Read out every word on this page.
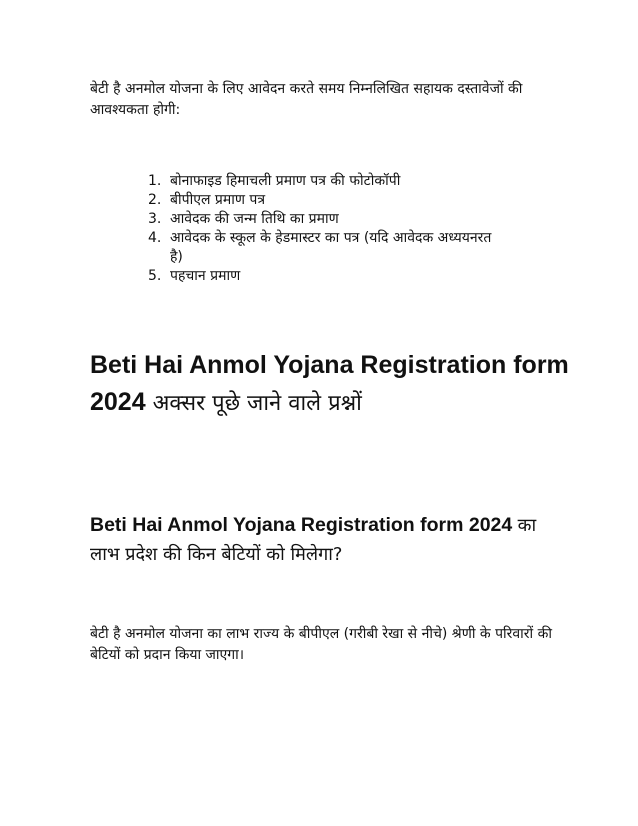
बेटी है अनमोल योजना के लिए आवेदन करते समय निम्नलिखित सहायक दस्तावेजों की आवश्यकता होगी:

1. बोनाफाइड हिमाचली प्रमाण पत्र की फोटोकॉपी
2. बीपीएल प्रमाण पत्र
3. आवेदक की जन्म तिथि का प्रमाण
4. आवेदक के स्कूल के हेडमास्टर का पत्र (यदि आवेदक अध्ययनरत है)
5. पहचान प्रमाण
Beti Hai Anmol Yojana Registration form 2024 अक्सर पूछे जाने वाले प्रश्नों
Beti Hai Anmol Yojana Registration form 2024 का लाभ प्रदेश की किन बेटियों को मिलेगा?

बेटी है अनमोल योजना का लाभ राज्य के बीपीएल (गरीबी रेखा से नीचे) श्रेणी के परिवारों की बेटियों को प्रदान किया जाएगा।
